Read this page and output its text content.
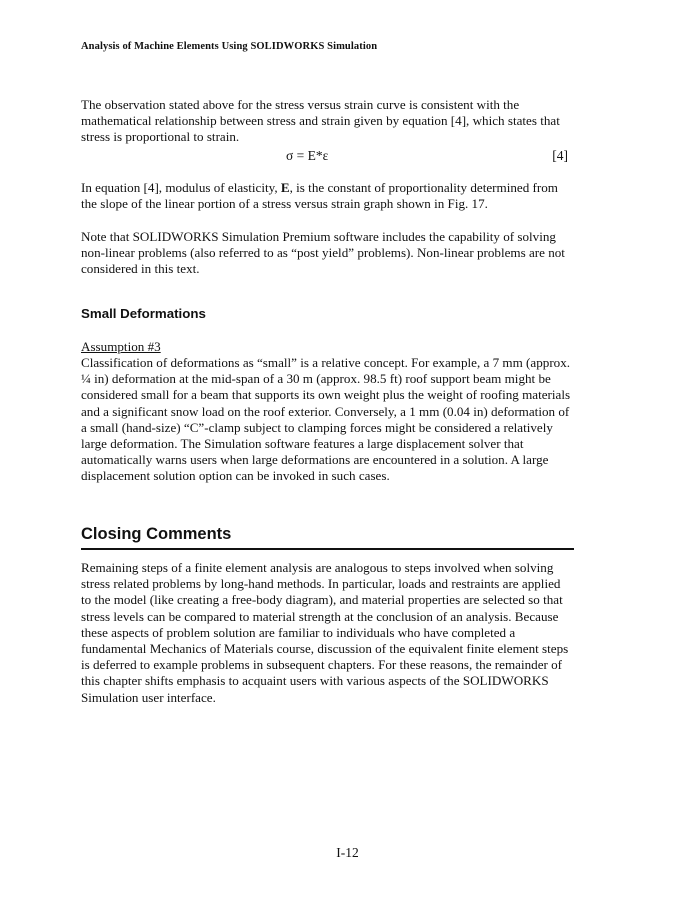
Analysis of Machine Elements Using SOLIDWORKS Simulation

The observation stated above for the stress versus strain curve is consistent with the mathematical relationship between stress and strain given by equation [4], which states that stress is proportional to strain.

σ = E*ε	[4]

In equation [4], modulus of elasticity, E, is the constant of proportionality determined from the slope of the linear portion of a stress versus strain graph shown in Fig. 17.

Note that SOLIDWORKS Simulation Premium software includes the capability of solving non-linear problems (also referred to as “post yield” problems). Non-linear problems are not considered in this text.

Small Deformations
Assumption #3

Classification of deformations as “small” is a relative concept. For example, a 7 mm (approx. ¼ in) deformation at the mid-span of a 30 m (approx. 98.5 ft) roof support beam might be considered small for a beam that supports its own weight plus the weight of roofing materials and a significant snow load on the roof exterior. Conversely, a 1 mm (0.04 in) deformation of a small (hand-size) “C”-clamp subject to clamping forces might be considered a relatively large deformation. The Simulation software features a large displacement solver that automatically warns users when large deformations are encountered in a solution. A large displacement solution option can be invoked in such cases.

Closing Comments

Remaining steps of a finite element analysis are analogous to steps involved when solving stress related problems by long-hand methods. In particular, loads and restraints are applied to the model (like creating a free-body diagram), and material properties are selected so that stress levels can be compared to material strength at the conclusion of an analysis. Because these aspects of problem solution are familiar to individuals who have completed a fundamental Mechanics of Materials course, discussion of the equivalent finite element steps is deferred to example problems in subsequent chapters. For these reasons, the remainder of this chapter shifts emphasis to acquaint users with various aspects of the SOLIDWORKS Simulation user interface.

I-12
